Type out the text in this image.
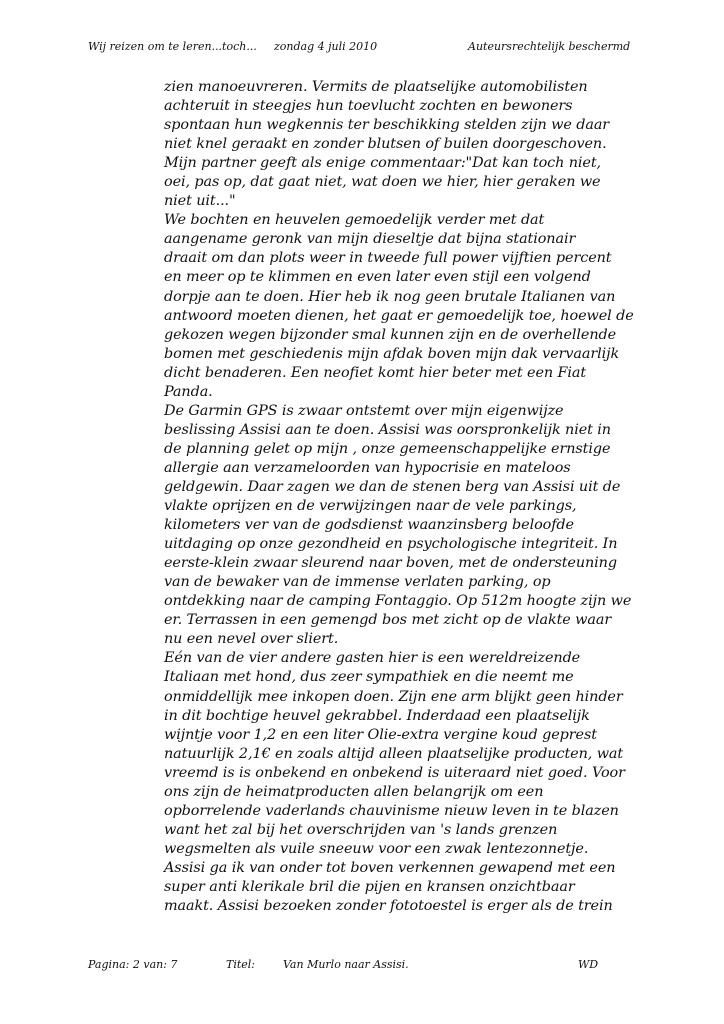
Wij reizen om te leren...toch... zondag 4 juli 2010	Auteursrechtelijk beschermd
zien manoeuvreren. Vermits de plaatselijke automobilisten
achteruit in steegjes hun toevlucht zochten en bewoners
spontaan hun wegkennis ter beschikking stelden zijn we daar
niet knel geraakt en zonder blutsen of builen doorgeschoven.
Mijn partner geeft als enige commentaar:"Dat kan toch niet,
oei, pas op, dat gaat niet, wat doen we hier, hier geraken we
niet uit..."
We bochten en heuvelen gemoedelijk verder met dat
aangename geronk van mijn dieseltje dat bijna stationair
draait om dan plots weer in tweede full power vijftien percent
en meer op te klimmen en even later even stijl een volgend
dorpje aan te doen. Hier heb ik nog geen brutale Italianen van
antwoord moeten dienen, het gaat er gemoedelijk toe, hoewel de
gekozen wegen bijzonder smal kunnen zijn en de overhellende
bomen met geschiedenis mijn afdak boven mijn dak vervaarlijk
dicht benaderen. Een neofiet komt hier beter met een Fiat
Panda.
De Garmin GPS is zwaar ontstemt over mijn eigenwijze
beslissing Assisi aan te doen. Assisi was oorspronkelijk niet in
de planning gelet op mijn , onze gemeenschappelijke ernstige
allergie aan verzameloorden van hypocrisie en mateloos
geldgewin. Daar zagen we dan de stenen berg van Assisi uit de
vlakte oprijzen en de verwijzingen naar de vele parkings,
kilometers ver van de godsdienst waanzinsberg beloofde
uitdaging op onze gezondheid en psychologische integriteit. In
eerste-klein zwaar sleurend naar boven, met de ondersteuning
van de bewaker van de immense verlaten parking, op
ontdekking naar de camping Fontaggio. Op 512m hoogte zijn we
er. Terrassen in een gemengd bos met zicht op de vlakte waar
nu een nevel over sliert.
Eén van de vier andere gasten hier is een wereldreizende
Italiaan met hond, dus zeer sympathiek en die neemt me
onmiddellijk mee inkopen doen. Zijn ene arm blijkt geen hinder
in dit bochtige heuvel gekrabbel. Inderdaad een plaatselijk
wijntje voor 1,2 en een liter Olie-extra vergine koud geprest
natuurlijk 2,1€ en zoals altijd alleen plaatselijke producten, wat
vreemd is is onbekend en onbekend is uiteraard niet goed. Voor
ons zijn de heimatproducten allen belangrijk om een
opborrelende vaderlands chauvinisme nieuw leven in te blazen
want het zal bij het overschrijden van 's lands grenzen
wegsmelten als vuile sneeuw voor een zwak lentezonnetje.
Assisi ga ik van onder tot boven verkennen gewapend met een
super anti klerikale bril die pijen en kransen onzichtbaar
maakt. Assisi bezoeken zonder fototoestel is erger als de trein
Pagina: 2 van: 7	Titel:	Van Murlo naar Assisi.	WD
